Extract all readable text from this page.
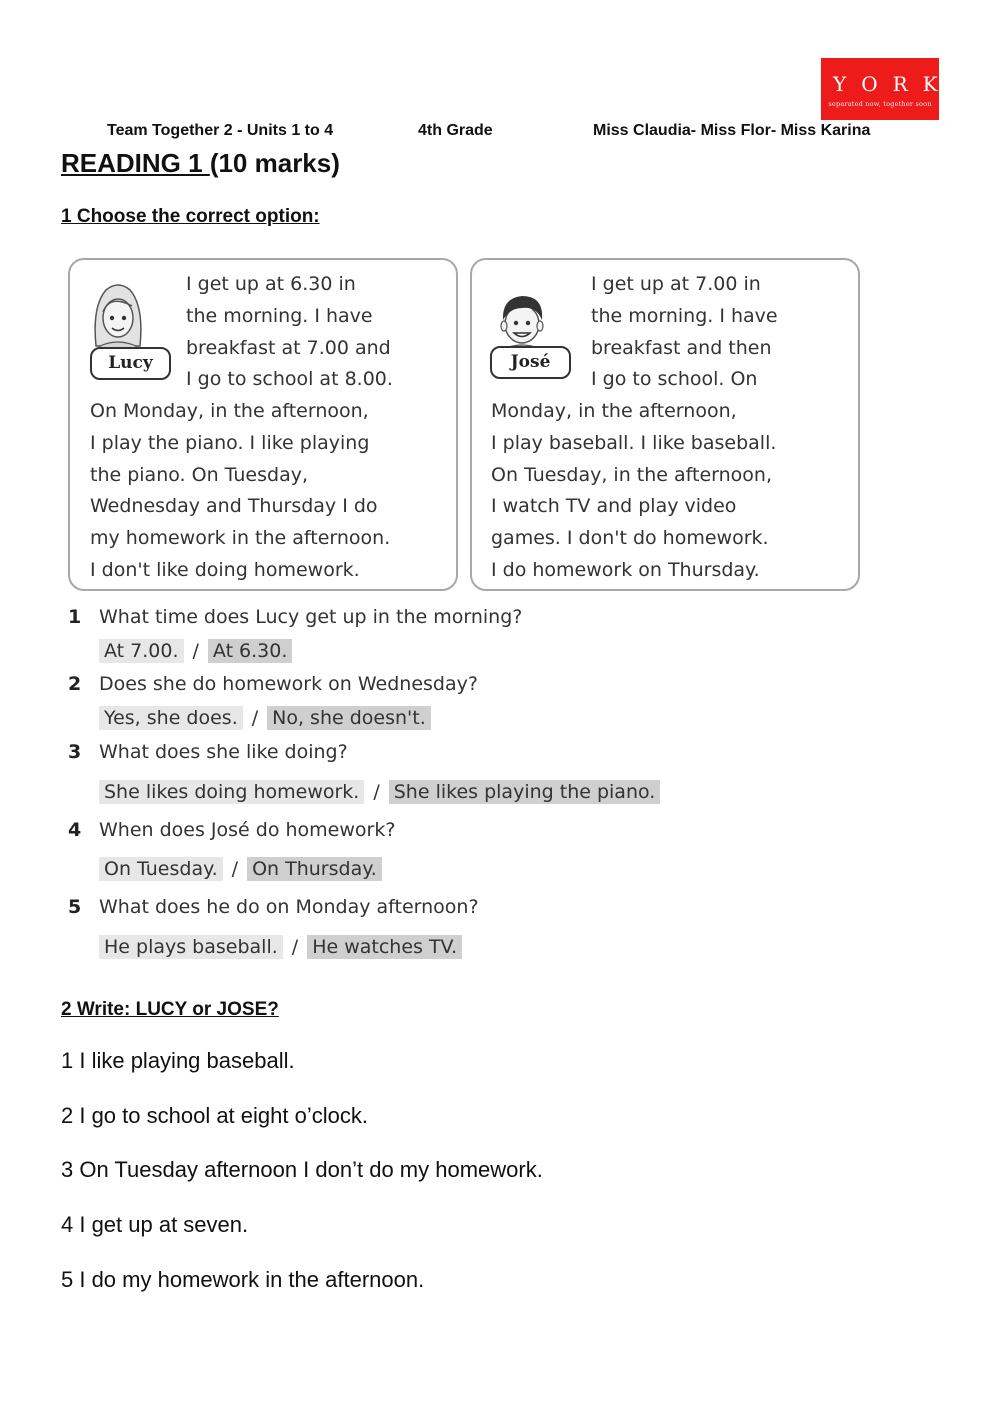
YORK
separated now, together soon
Team Together 2 - Units 1 to 4	4th Grade	Miss Claudia- Miss Flor- Miss Karina
READING 1 (10 marks)
1 Choose the correct option:
Lucy
I get up at 6.30 in
the morning. I have
breakfast at 7.00 and
I go to school at 8.00.
On Monday, in the afternoon,
I play the piano. I like playing
the piano. On Tuesday,
Wednesday and Thursday I do
my homework in the afternoon.
I don't like doing homework.
José
I get up at 7.00 in
the morning. I have
breakfast and then
I go to school. On
Monday, in the afternoon,
I play baseball. I like baseball.
On Tuesday, in the afternoon,
I watch TV and play video
games. I don't do homework.
I do homework on Thursday.
1 What time does Lucy get up in the morning?
At 7.00. / At 6.30.
2 Does she do homework on Wednesday?
Yes, she does. / No, she doesn't.
3 What does she like doing?
She likes doing homework. / She likes playing the piano.
4 When does José do homework?
On Tuesday. / On Thursday.
5 What does he do on Monday afternoon?
He plays baseball. / He watches TV.
2 Write: LUCY or JOSE?
1 I like playing baseball.
2 I go to school at eight o’clock.
3 On Tuesday afternoon I don’t do my homework.
4 I get up at seven.
5 I do my homework in the afternoon.
